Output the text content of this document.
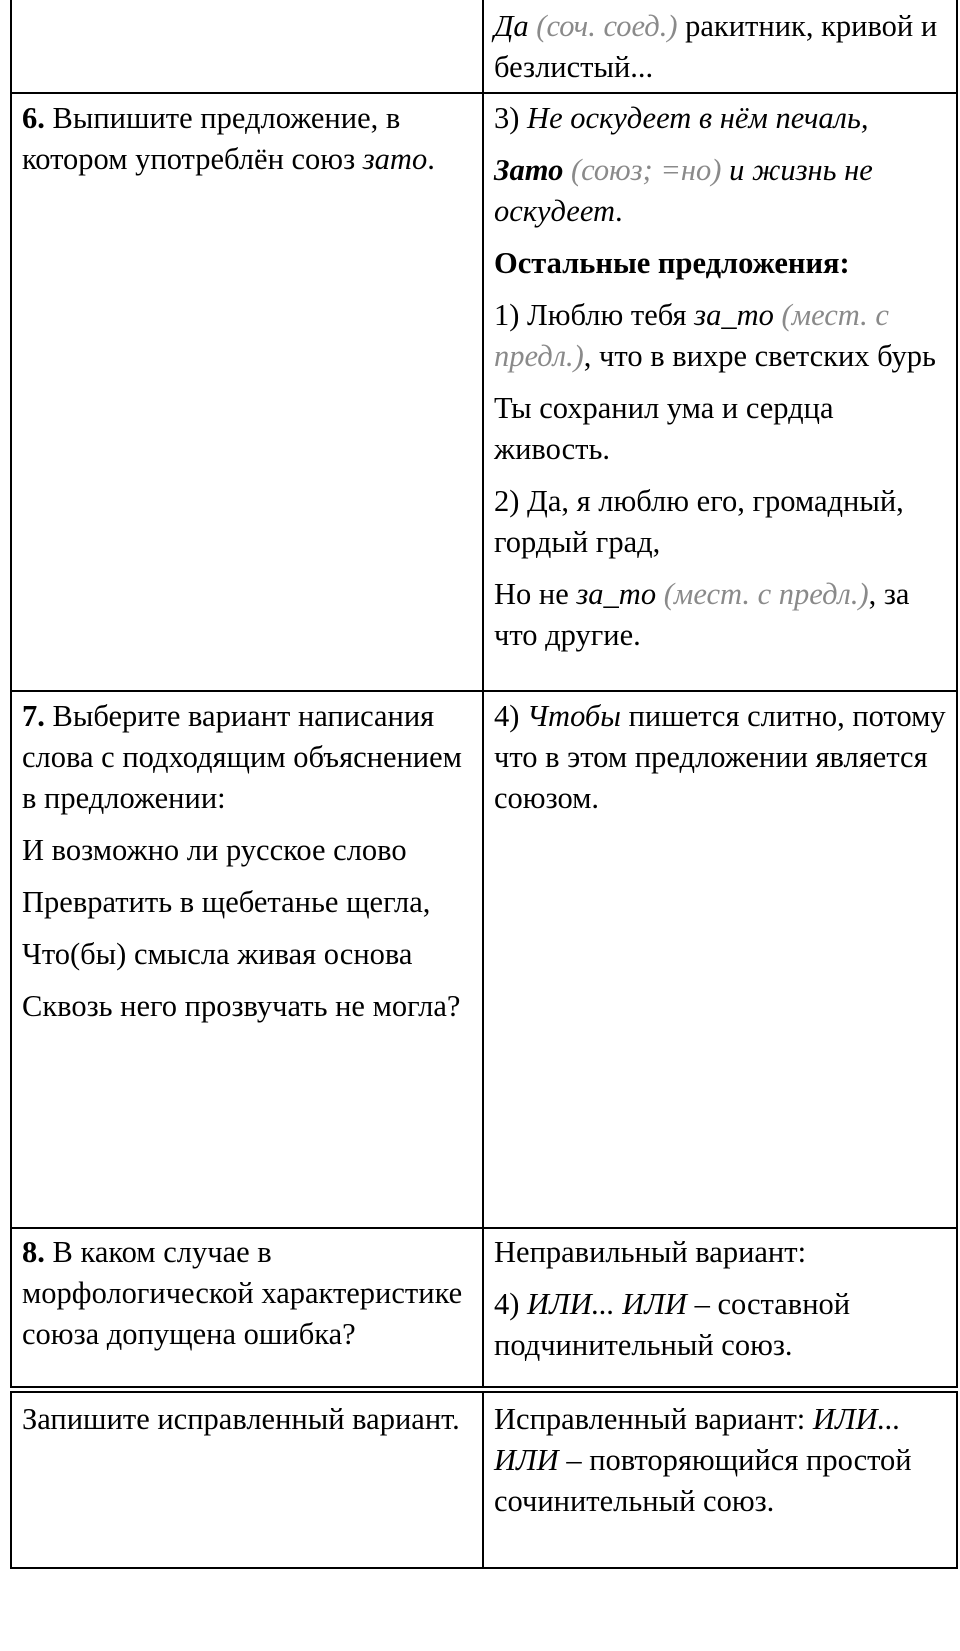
Да (соч. соед.) ракитник, кривой и безлистый...

6. Выпишите предложение, в котором употреблён союз зато.

3) Не оскудеет в нём печаль,

Зато (союз; =но) и жизнь не оскудеет.

Остальные предложения:

1) Люблю тебя за_то (мест. с предл.), что в вихре светских бурь

Ты сохранил ума и сердца живость.

2) Да, я люблю его, громадный, гордый град,

Но не за_то (мест. с предл.), за что другие.

7. Выберите вариант написания слова с подходящим объяснением в предложении:

И возможно ли русское слово

Превратить в щебетанье щегла,

Что(бы) смысла живая основа

Сквозь него прозвучать не могла?

4) Чтобы пишется слитно, потому что в этом предложении является союзом.

8. В каком случае в морфологической характеристике союза допущена ошибка?

Неправильный вариант:

4) ИЛИ... ИЛИ – составной подчинительный союз.

Запишите исправленный вариант.	Исправленный вариант: ИЛИ... ИЛИ – повторяющийся простой сочинительный союз.
